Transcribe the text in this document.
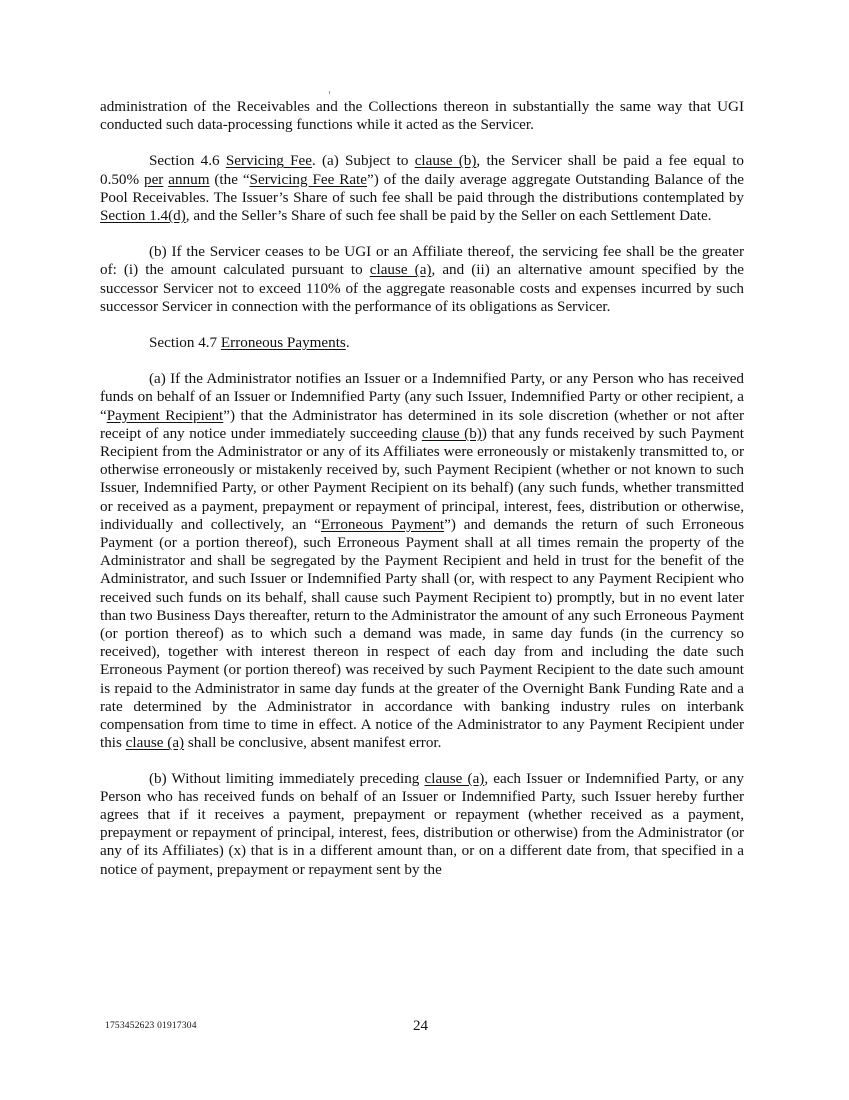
administration of the Receivables and the Collections thereon in substantially the same way that UGI conducted such data-processing functions while it acted as the Servicer.

Section 4.6 Servicing Fee. (a) Subject to clause (b), the Servicer shall be paid a fee equal to 0.50% per annum (the “Servicing Fee Rate”) of the daily average aggregate Outstanding Balance of the Pool Receivables. The Issuer’s Share of such fee shall be paid through the distributions contemplated by Section 1.4(d), and the Seller’s Share of such fee shall be paid by the Seller on each Settlement Date.

(b) If the Servicer ceases to be UGI or an Affiliate thereof, the servicing fee shall be the greater of: (i) the amount calculated pursuant to clause (a), and (ii) an alternative amount specified by the successor Servicer not to exceed 110% of the aggregate reasonable costs and expenses incurred by such successor Servicer in connection with the performance of its obligations as Servicer.

Section 4.7 Erroneous Payments.

(a) If the Administrator notifies an Issuer or a Indemnified Party, or any Person who has received funds on behalf of an Issuer or Indemnified Party (any such Issuer, Indemnified Party or other recipient, a “Payment Recipient”) that the Administrator has determined in its sole discretion (whether or not after receipt of any notice under immediately succeeding clause (b)) that any funds received by such Payment Recipient from the Administrator or any of its Affiliates were erroneously or mistakenly transmitted to, or otherwise erroneously or mistakenly received by, such Payment Recipient (whether or not known to such Issuer, Indemnified Party, or other Payment Recipient on its behalf) (any such funds, whether transmitted or received as a payment, prepayment or repayment of principal, interest, fees, distribution or otherwise, individually and collectively, an “Erroneous Payment”) and demands the return of such Erroneous Payment (or a portion thereof), such Erroneous Payment shall at all times remain the property of the Administrator and shall be segregated by the Payment Recipient and held in trust for the benefit of the Administrator, and such Issuer or Indemnified Party shall (or, with respect to any Payment Recipient who received such funds on its behalf, shall cause such Payment Recipient to) promptly, but in no event later than two Business Days thereafter, return to the Administrator the amount of any such Erroneous Payment (or portion thereof) as to which such a demand was made, in same day funds (in the currency so received), together with interest thereon in respect of each day from and including the date such Erroneous Payment (or portion thereof) was received by such Payment Recipient to the date such amount is repaid to the Administrator in same day funds at the greater of the Overnight Bank Funding Rate and a rate determined by the Administrator in accordance with banking industry rules on interbank compensation from time to time in effect. A notice of the Administrator to any Payment Recipient under this clause (a) shall be conclusive, absent manifest error.

(b) Without limiting immediately preceding clause (a), each Issuer or Indemnified Party, or any Person who has received funds on behalf of an Issuer or Indemnified Party, such Issuer hereby further agrees that if it receives a payment, prepayment or repayment (whether received as a payment, prepayment or repayment of principal, interest, fees, distribution or otherwise) from the Administrator (or any of its Affiliates) (x) that is in a different amount than, or on a different date from, that specified in a notice of payment, prepayment or repayment sent by the

1753452623 01917304	24
